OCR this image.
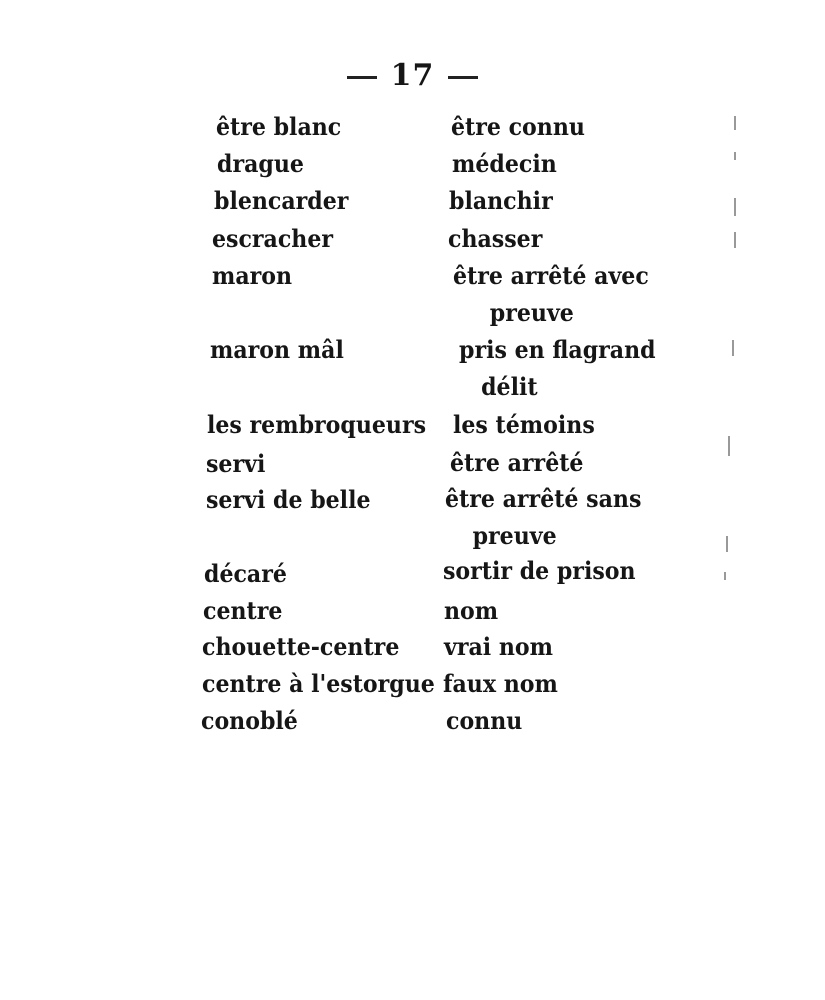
17
être blanc
drague
blencarder
escracher
maron
maron mâl
les rembroqueurs
servi
servi de belle
décaré
centre
chouette-centre
centre à l'estorgue
conoblé
être connu
médecin
blanchir
chasser
être arrêté avec
preuve
pris en flagrand
délit
les témoins
être arrêté
être arrêté sans
preuve
sortir de prison
nom
vrai nom
faux nom
connu
